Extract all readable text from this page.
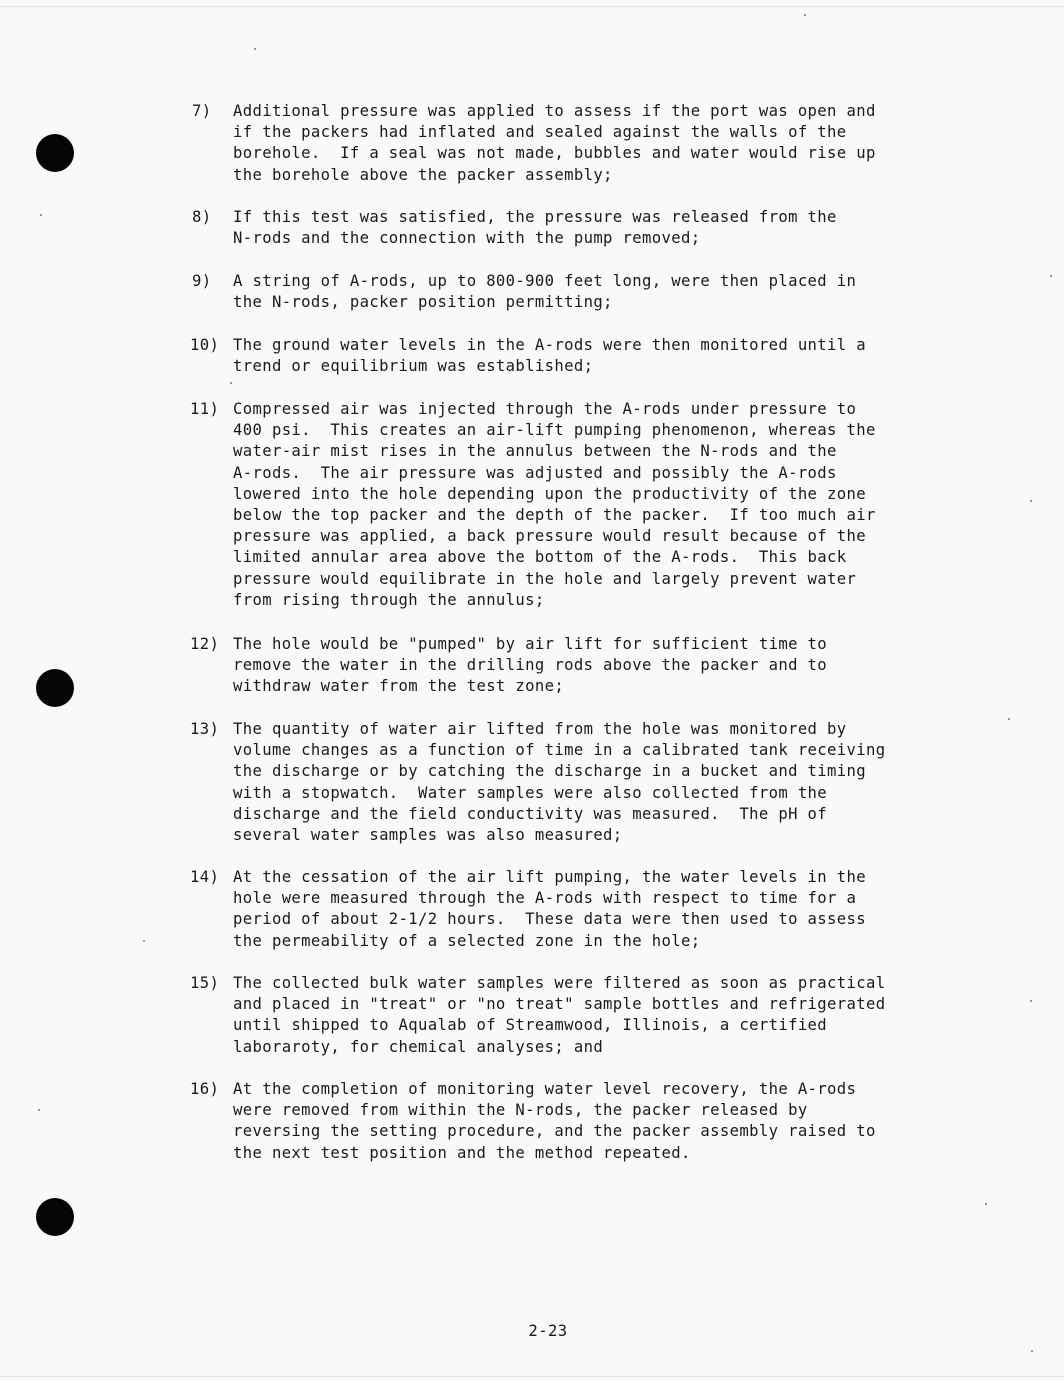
7)	Additional pressure was applied to assess if the port was open and
if the packers had inflated and sealed against the walls of the
borehole.  If a seal was not made, bubbles and water would rise up
the borehole above the packer assembly;
8)	If this test was satisfied, the pressure was released from the
N-rods and the connection with the pump removed;
9)	A string of A-rods, up to 800-900 feet long, were then placed in
the N-rods, packer position permitting;
10) The ground water levels in the A-rods were then monitored until a
trend or equilibrium was established;
11) Compressed air was injected through the A-rods under pressure to
400 psi.  This creates an air-lift pumping phenomenon, whereas the
water-air mist rises in the annulus between the N-rods and the
A-rods.  The air pressure was adjusted and possibly the A-rods
lowered into the hole depending upon the productivity of the zone
below the top packer and the depth of the packer.  If too much air
pressure was applied, a back pressure would result because of the
limited annular area above the bottom of the A-rods.  This back
pressure would equilibrate in the hole and largely prevent water
from rising through the annulus;
12) The hole would be "pumped" by air lift for sufficient time to
remove the water in the drilling rods above the packer and to
withdraw water from the test zone;
13) The quantity of water air lifted from the hole was monitored by
volume changes as a function of time in a calibrated tank receiving
the discharge or by catching the discharge in a bucket and timing
with a stopwatch.  Water samples were also collected from the
discharge and the field conductivity was measured.  The pH of
several water samples was also measured;
14) At the cessation of the air lift pumping, the water levels in the
hole were measured through the A-rods with respect to time for a
period of about 2-1/2 hours.  These data were then used to assess
the permeability of a selected zone in the hole;
15) The collected bulk water samples were filtered as soon as practical
and placed in "treat" or "no treat" sample bottles and refrigerated
until shipped to Aqualab of Streamwood, Illinois, a certified
laboraroty, for chemical analyses; and
16) At the completion of monitoring water level recovery, the A-rods
were removed from within the N-rods, the packer released by
reversing the setting procedure, and the packer assembly raised to
the next test position and the method repeated.
2-23
